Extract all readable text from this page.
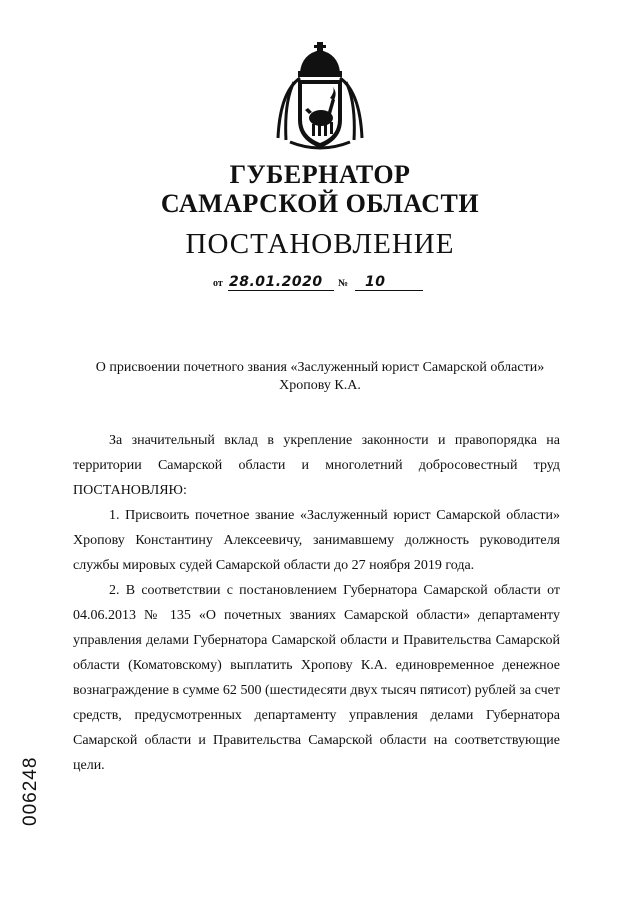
ГУБЕРНАТОР
САМАРСКОЙ ОБЛАСТИ
ПОСТАНОВЛЕНИЕ
от 28.01.2020 № 10
О присвоении почетного звания «Заслуженный юрист Самарской области»
Хропову К.А.

За значительный вклад в укрепление законности и правопорядка на территории Самарской области и многолетний добросовестный труд ПОСТАНОВЛЯЮ:

1. Присвоить почетное звание «Заслуженный юрист Самарской области» Хропову Константину Алексеевичу, занимавшему должность руководителя службы мировых судей Самарской области до 27 ноября 2019 года.

2. В соответствии с постановлением Губернатора Самарской области от 04.06.2013 № 135 «О почетных званиях Самарской области» департаменту управления делами Губернатора Самарской области и Правительства Самарской области (Коматовскому) выплатить Хропову К.А. единовременное денежное вознаграждение в сумме 62 500 (шестидесяти двух тысяч пятисот) рублей за счет средств, предусмотренных департаменту управления делами Губернатора Самарской области и Правительства Самарской области на соответствующие цели.

006248
